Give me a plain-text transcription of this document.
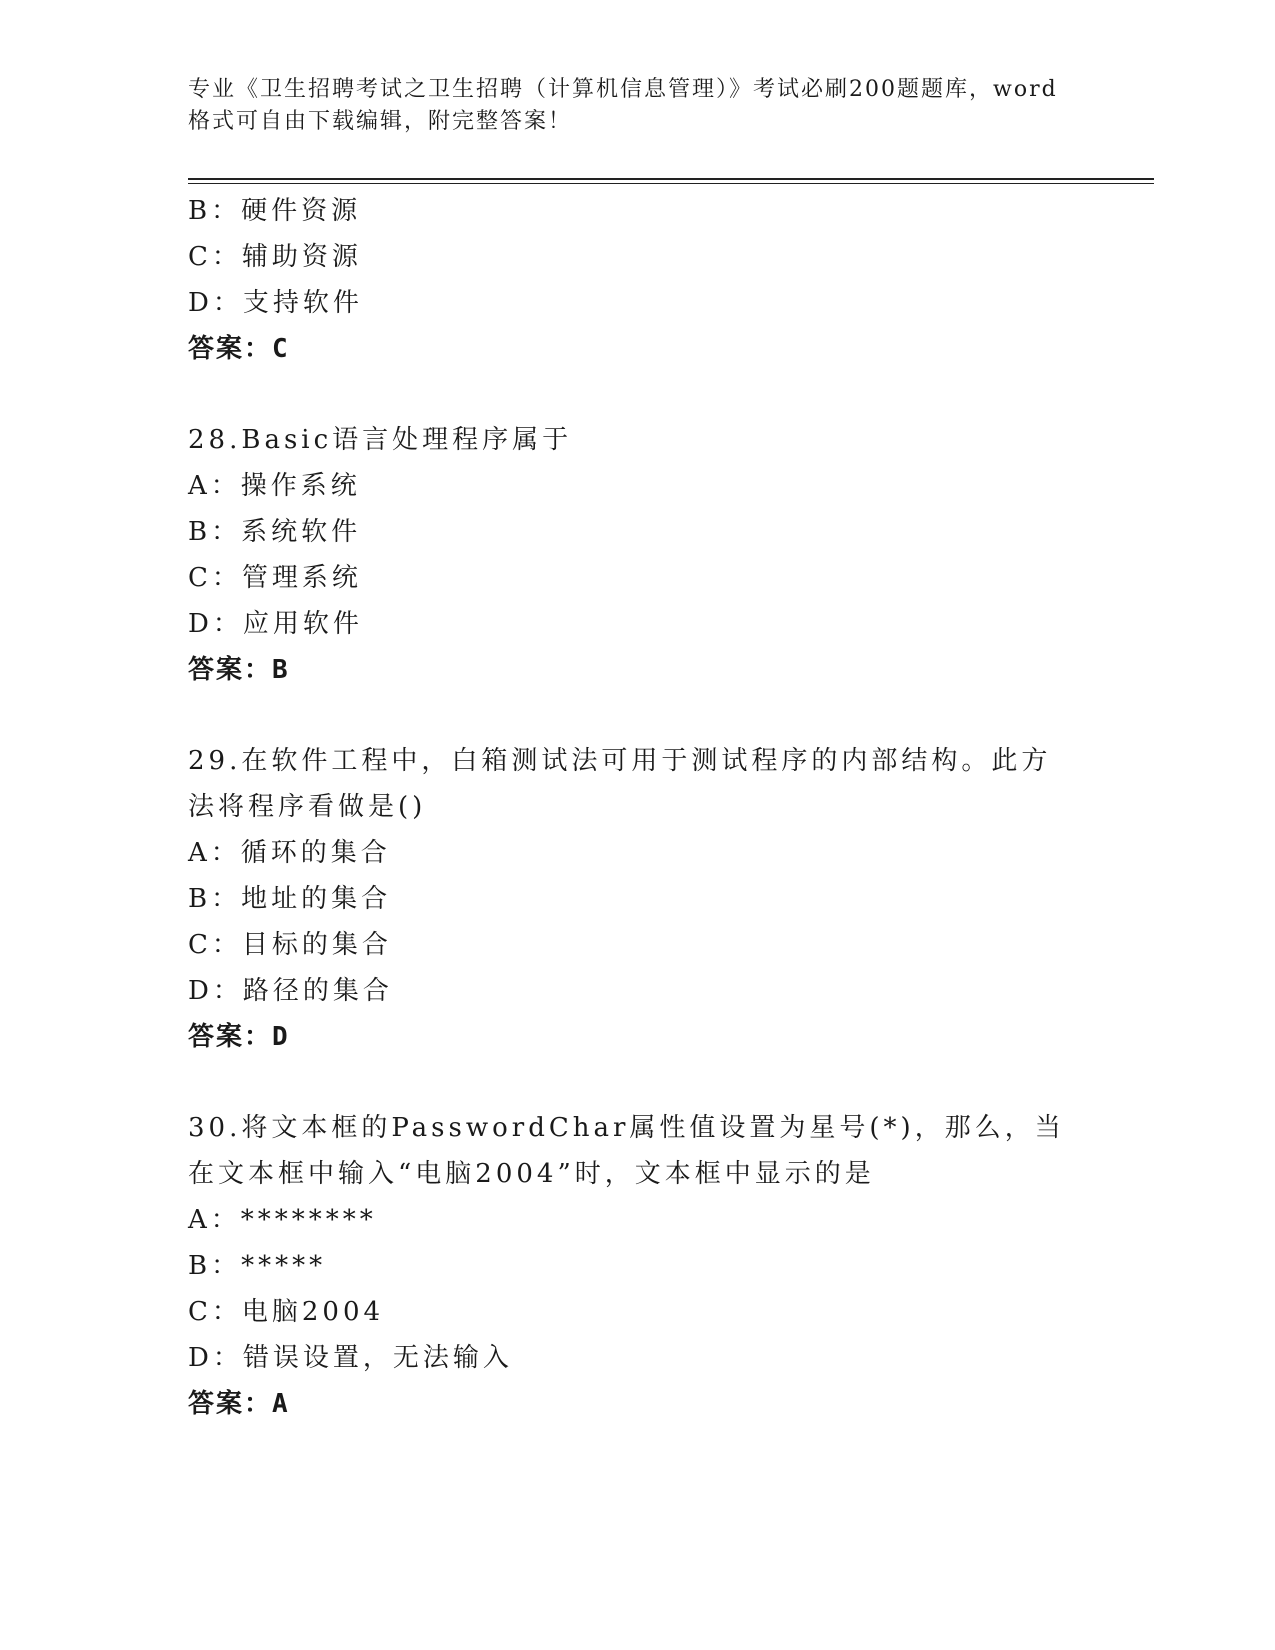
专业《卫生招聘考试之卫生招聘（计算机信息管理）》考试必刷200题题库，word
格式可自由下载编辑，附完整答案！
B：硬件资源
C：辅助资源
D：支持软件
答案：C
28.Basic语言处理程序属于
A：操作系统
B：系统软件
C：管理系统
D：应用软件
答案：B
29.在软件工程中，白箱测试法可用于测试程序的内部结构。此方法将程序看做是()
A：循环的集合
B：地址的集合
C：目标的集合
D：路径的集合
答案：D
30.将文本框的PasswordChar属性值设置为星号(*)，那么，当在文本框中输入“电脑2004”时，文本框中显示的是
A：********
B：*****
C：电脑2004
D：错误设置，无法输入
答案：A
